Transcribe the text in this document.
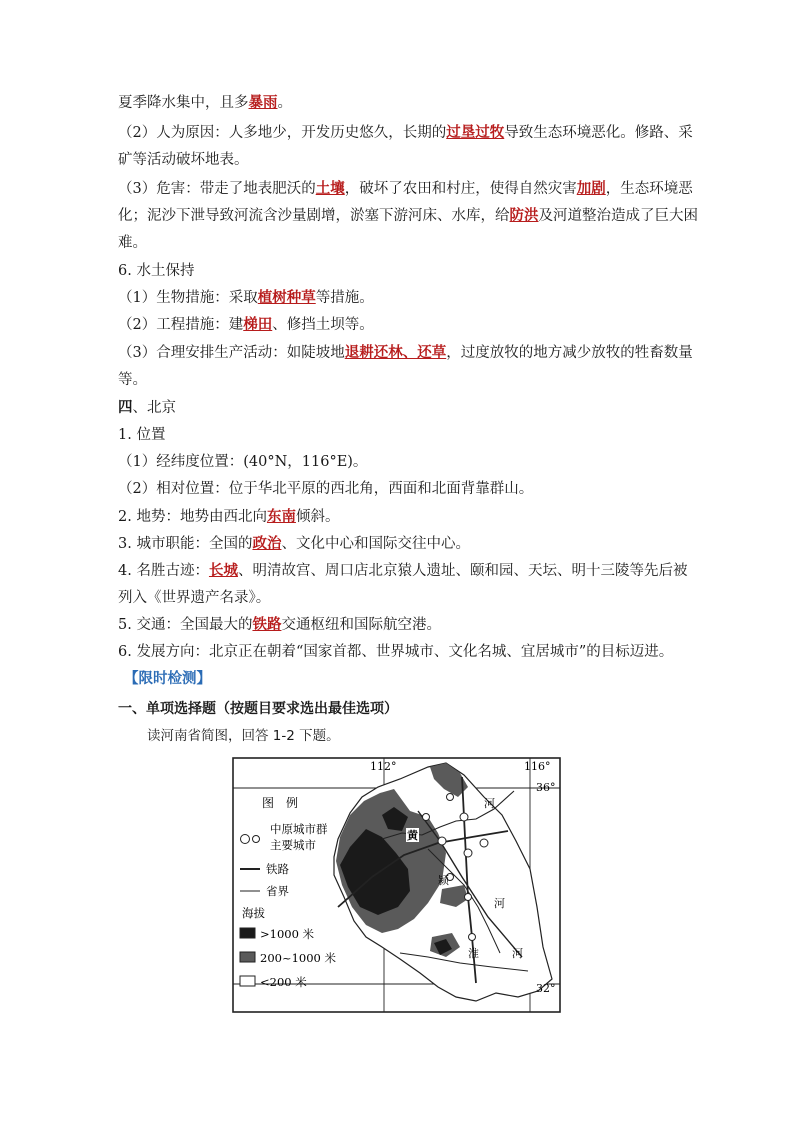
夏季降水集中，且多暴雨。
（2）人为原因：人多地少，开发历史悠久，长期的过垦过牧导致生态环境恶化。修路、采
矿等活动破坏地表。
（3）危害：带走了地表肥沃的土壤，破坏了农田和村庄，使得自然灾害加剧，生态环境恶
化；泥沙下泄导致河流含沙量剧增，淤塞下游河床、水库，给防洪及河道整治造成了巨大困
难。
6. 水土保持
（1）生物措施：采取植树种草等措施。
（2）工程措施：建梯田、修挡土坝等。
（3）合理安排生产活动：如陡坡地退耕还林、还草，过度放牧的地方减少放牧的牲畜数量
等。
四、北京
1. 位置
（1）经纬度位置：(40°N，116°E)。
（2）相对位置：位于华北平原的西北角，西面和北面背靠群山。
2. 地势：地势由西北向东南倾斜。
3. 城市职能：全国的政治、文化中心和国际交往中心。
4. 名胜古迹：长城、明清故宫、周口店北京猿人遗址、颐和园、天坛、明十三陵等先后被
列入《世界遗产名录》。
5. 交通：全国最大的铁路交通枢纽和国际航空港。
6. 发展方向：北京正在朝着“国家首都、世界城市、文化名城、宜居城市”的目标迈进。
【限时检测】
一、单项选择题（按题目要求选出最佳选项）
读河南省简图，回答 1-2 下题。
图　例
中原城市群
主要城市
铁路
省界
海拔
>1000 米
200~1000 米
<200 米
112°	116°
36°
32°
黄
河
颍
河
淮	河
